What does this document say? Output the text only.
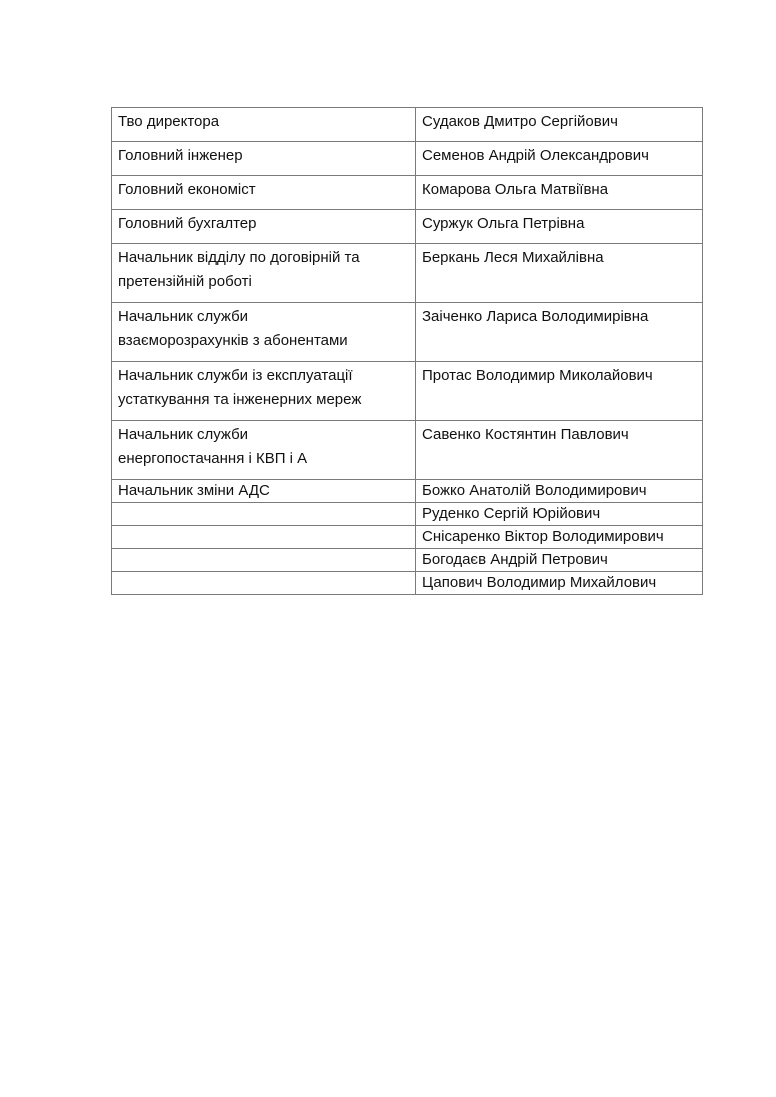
Тво директора	Судаков Дмитро Сергійович
Головний інженер	Семенов Андрій Олександрович
Головний економіст	Комарова Ольга Матвіївна
Головний бухгалтер	Суржук Ольга Петрівна

Начальник відділу по договірній та
претензійній роботі	Беркань Леся Михайлівна

Начальник служби
взаєморозрахунків з абонентами	Заіченко Лариса Володимирівна

Начальник служби із експлуатації
устаткування та інженерних мереж	Протас Володимир Миколайович

Начальник служби
енергопостачання і КВП і А	Савенко Костянтин Павлович
Начальник зміни АДС	Божко Анатолій Володимирович
	Руденко Сергій Юрійович
	Снісаренко Віктор Володимирович
	Богодаєв Андрій Петрович
	Цапович Володимир Михайлович
